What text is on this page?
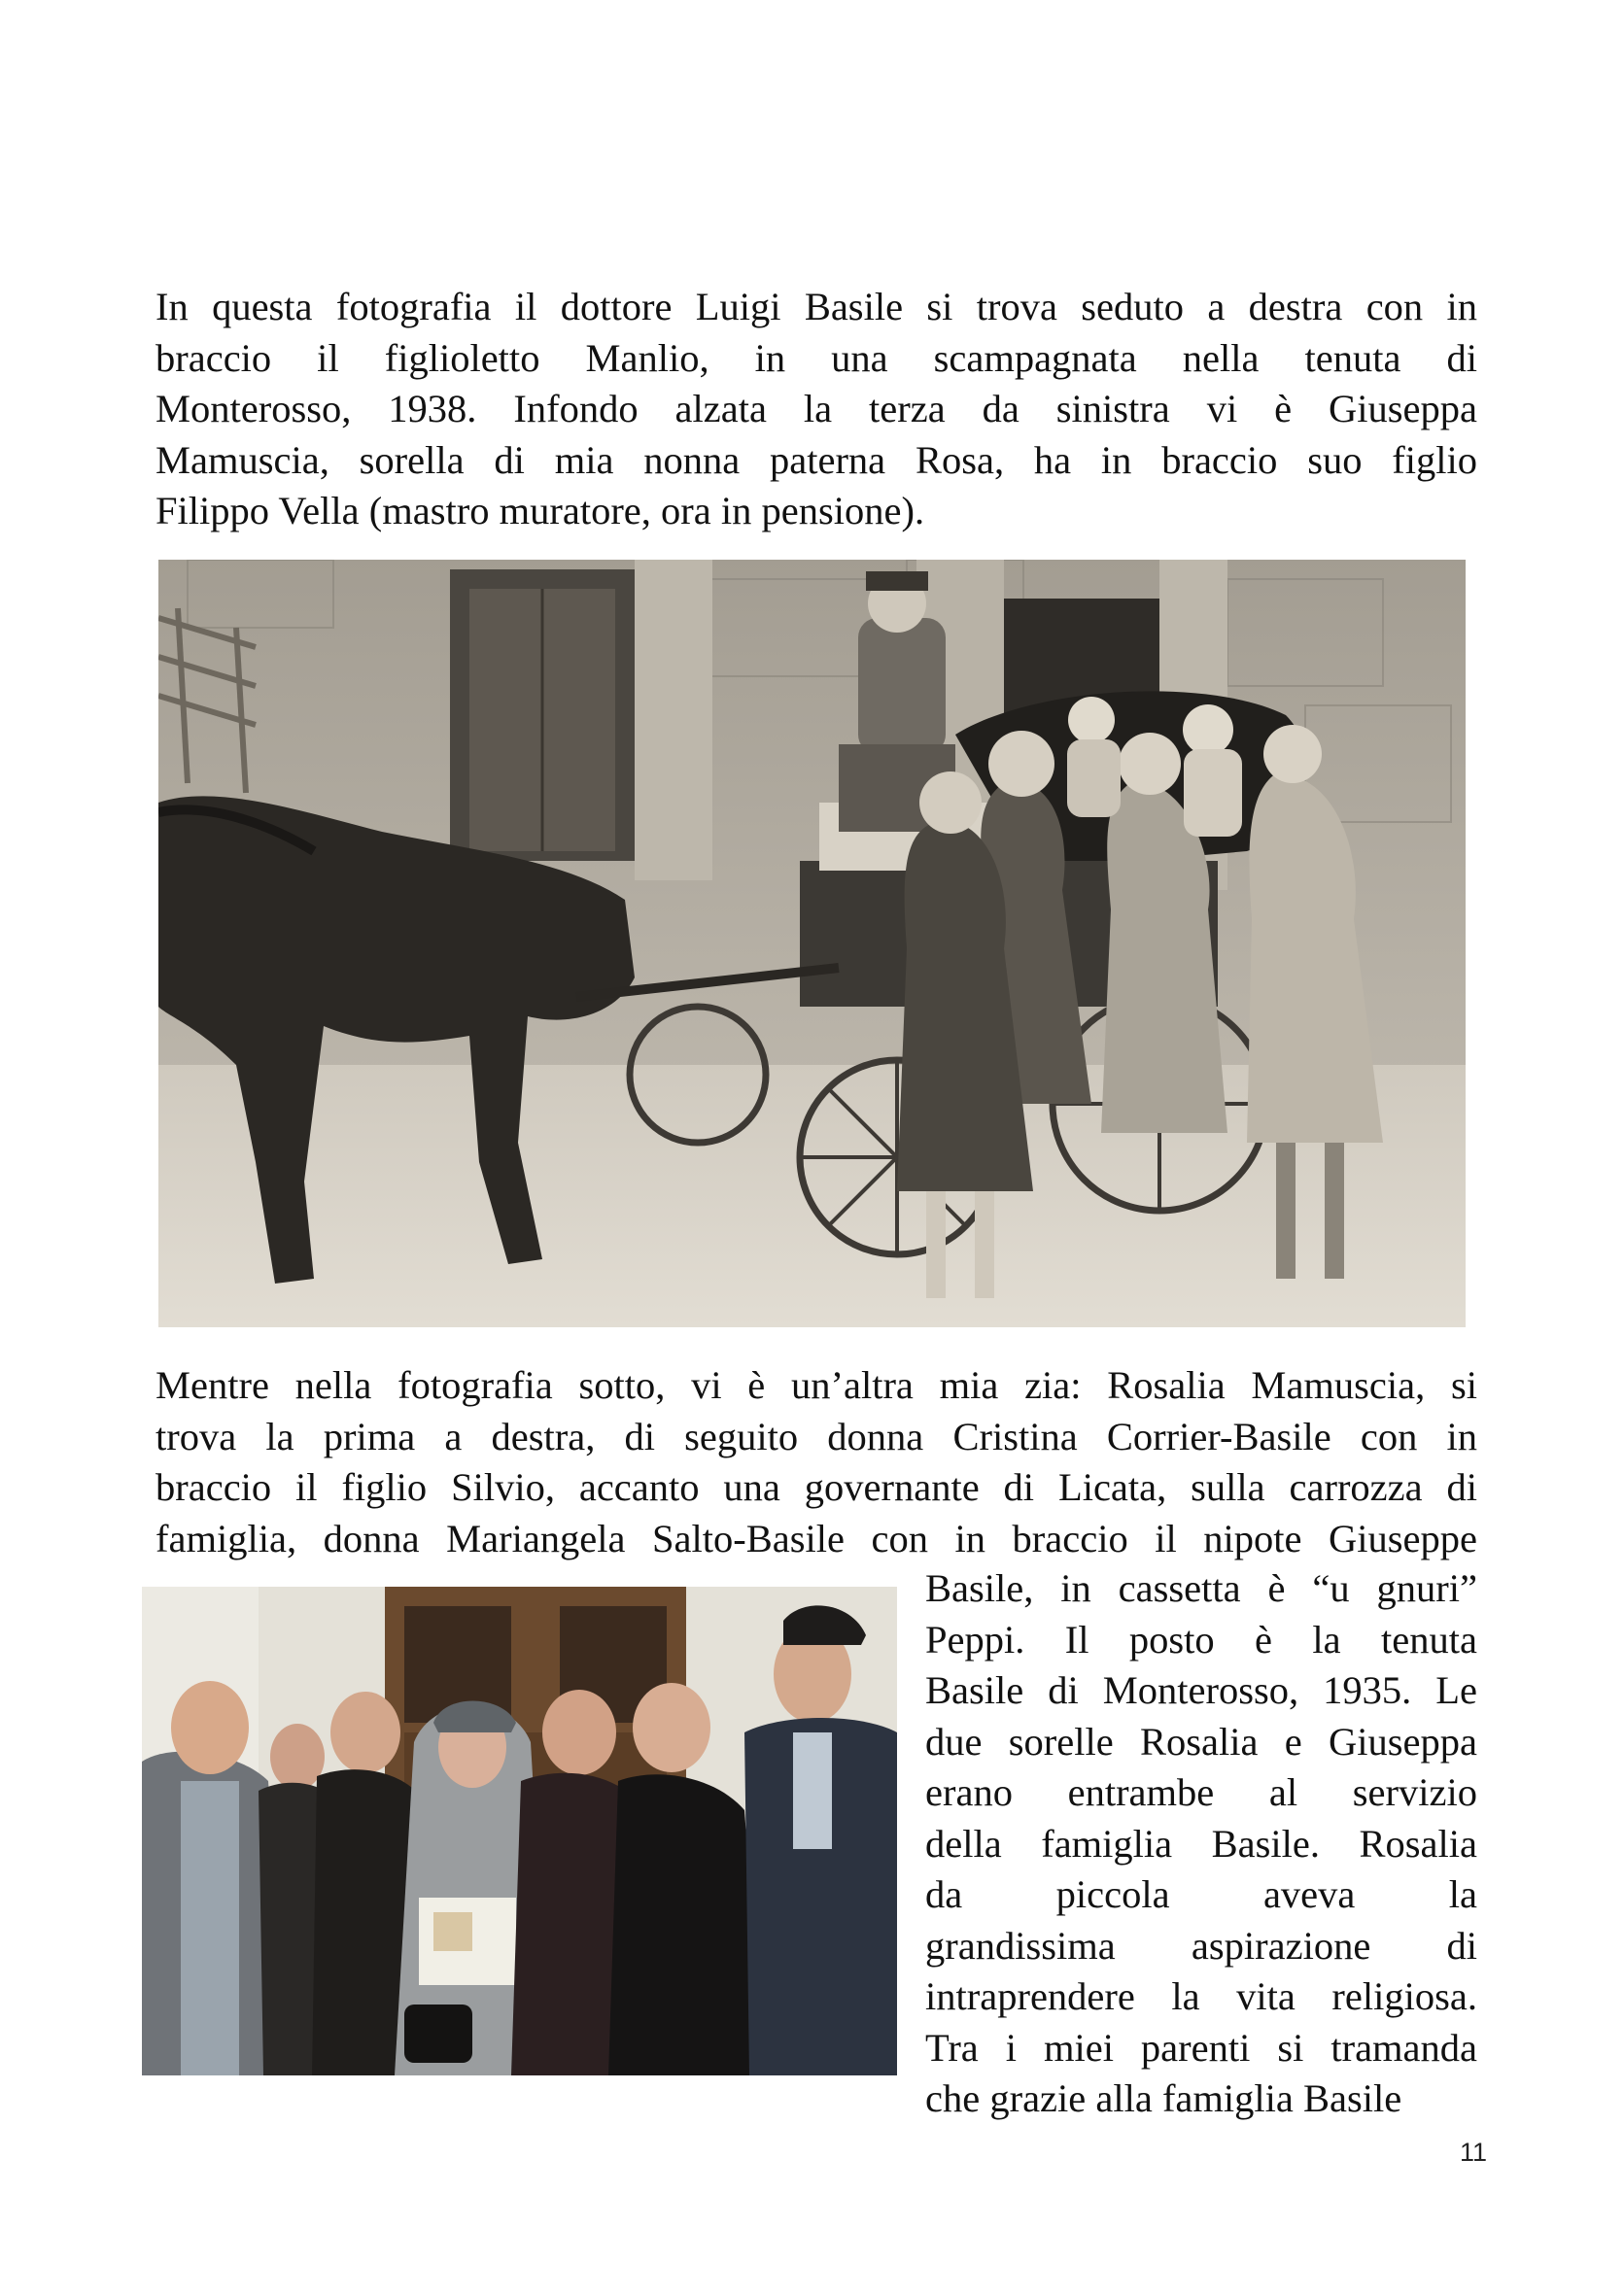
In questa fotografia il dottore Luigi Basile si trova seduto a destra con in
braccio il figlioletto Manlio, in una scampagnata nella tenuta di
Monterosso, 1938. Infondo alzata la terza da sinistra vi è Giuseppa
Mamuscia, sorella di mia nonna paterna Rosa, ha in braccio suo figlio
Filippo Vella (mastro muratore, ora in pensione).
Mentre nella fotografia sotto, vi è un’altra mia zia: Rosalia Mamuscia, si
trova la prima a destra, di seguito donna Cristina Corrier-Basile con in
braccio il figlio Silvio, accanto una governante di Licata, sulla carrozza di
famiglia, donna Mariangela Salto-Basile con in braccio il nipote Giuseppe
Basile, in cassetta è “u gnuri”
Peppi. Il posto è la tenuta
Basile di Monterosso, 1935. Le
due sorelle Rosalia e Giuseppa
erano entrambe al servizio
della famiglia Basile. Rosalia
da piccola aveva la
grandissima aspirazione di
intraprendere la vita religiosa.
Tra i miei parenti si tramanda
che grazie alla famiglia Basile
11
